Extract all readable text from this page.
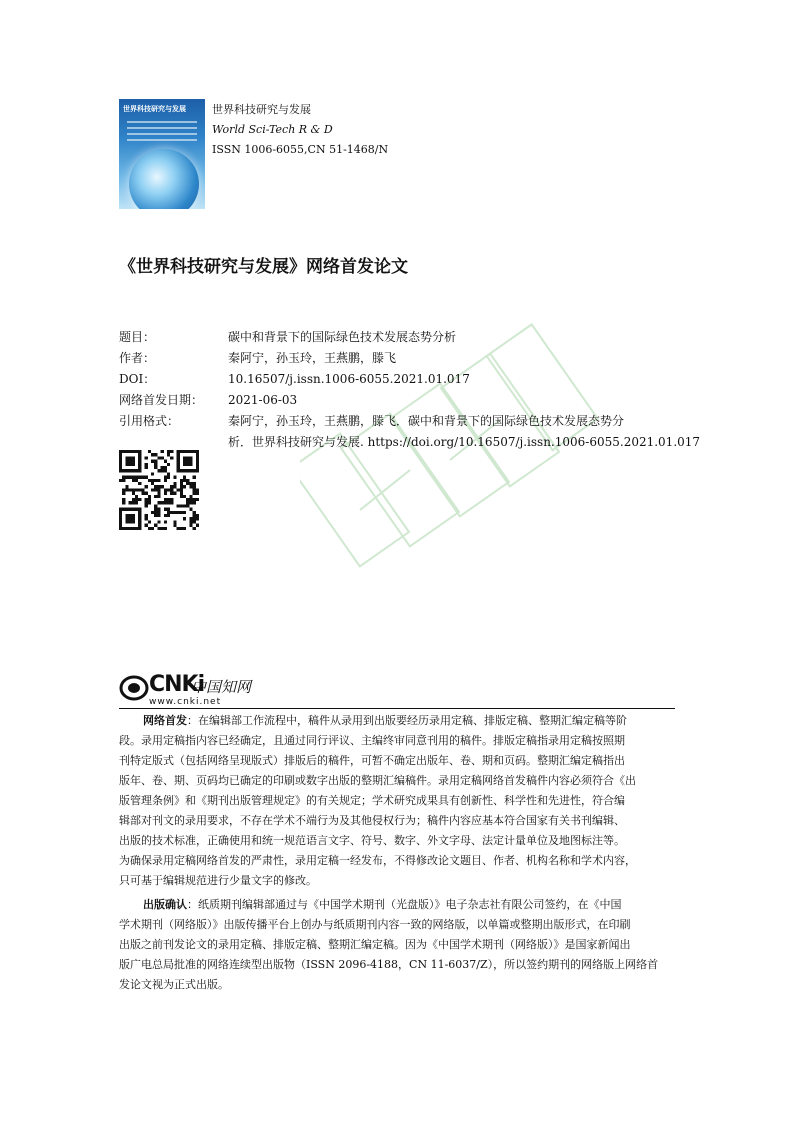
世界科技研究与发展	世界科技研究与发展
World Sci-Tech R & D
ISSN 1006-6055,CN 51-1468/N
《世界科技研究与发展》网络首发论文
题目：	碳中和背景下的国际绿色技术发展态势分析
作者：	秦阿宁，孙玉玲，王燕鹏，滕飞
DOI：	10.16507/j.issn.1006-6055.2021.01.017
网络首发日期： 2021-06-03
引用格式：	秦阿宁，孙玉玲，王燕鹏，滕飞．碳中和背景下的国际绿色技术发展态势分
析．世界科技研究与发展. https://doi.org/10.16507/j.issn.1006-6055.2021.01.017
CNKi
中国知网
www.cnki.net
网络首发：在编辑部工作流程中，稿件从录用到出版要经历录用定稿、排版定稿、整期汇编定稿等阶
段。录用定稿指内容已经确定，且通过同行评议、主编终审同意刊用的稿件。排版定稿指录用定稿按照期
刊特定版式（包括网络呈现版式）排版后的稿件，可暂不确定出版年、卷、期和页码。整期汇编定稿指出
版年、卷、期、页码均已确定的印刷或数字出版的整期汇编稿件。录用定稿网络首发稿件内容必须符合《出
版管理条例》和《期刊出版管理规定》的有关规定；学术研究成果具有创新性、科学性和先进性，符合编
辑部对刊文的录用要求，不存在学术不端行为及其他侵权行为；稿件内容应基本符合国家有关书刊编辑、
出版的技术标准，正确使用和统一规范语言文字、符号、数字、外文字母、法定计量单位及地图标注等。
为确保录用定稿网络首发的严肃性，录用定稿一经发布，不得修改论文题目、作者、机构名称和学术内容，
只可基于编辑规范进行少量文字的修改。
出版确认：纸质期刊编辑部通过与《中国学术期刊（光盘版）》电子杂志社有限公司签约，在《中国
学术期刊（网络版）》出版传播平台上创办与纸质期刊内容一致的网络版，以单篇或整期出版形式，在印刷
出版之前刊发论文的录用定稿、排版定稿、整期汇编定稿。因为《中国学术期刊（网络版）》是国家新闻出
版广电总局批准的网络连续型出版物（ISSN 2096-4188，CN 11-6037/Z），所以签约期刊的网络版上网络首
发论文视为正式出版。
